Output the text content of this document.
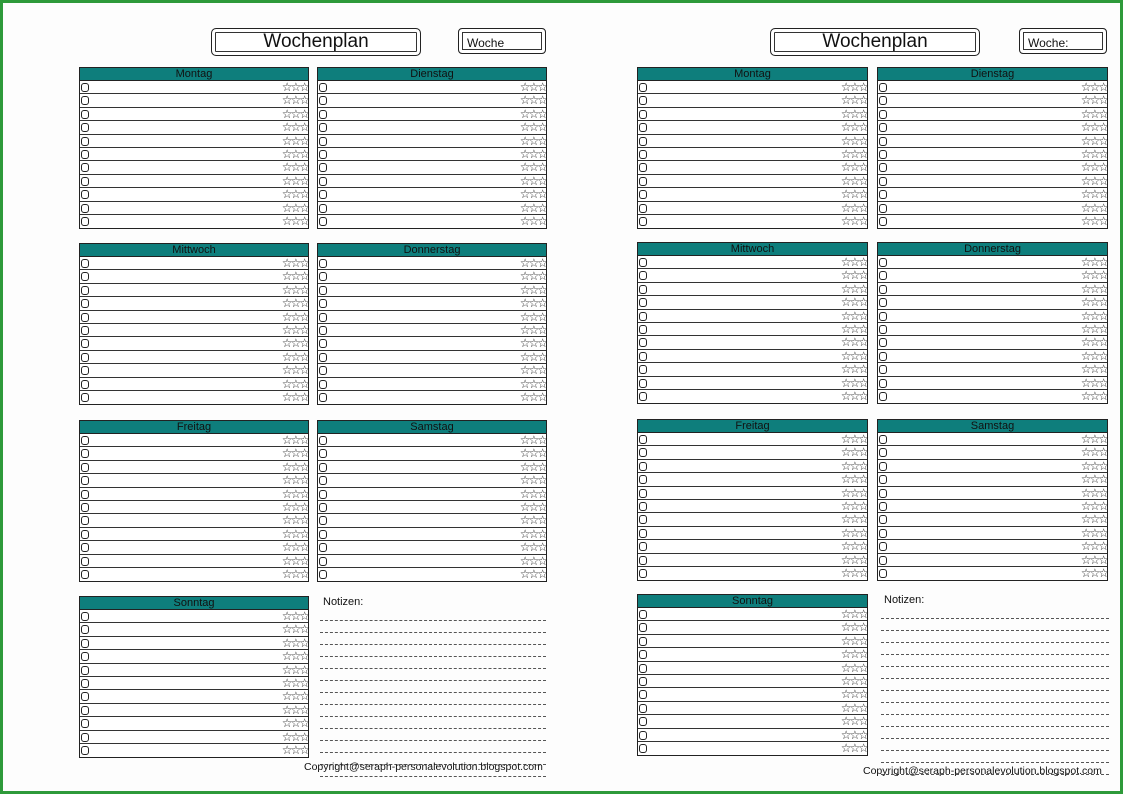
Wochenplan	Woche
Montag
☆☆☆
☆☆☆
☆☆☆
☆☆☆
☆☆☆
☆☆☆
☆☆☆
☆☆☆
☆☆☆
☆☆☆
☆☆☆
Dienstag
☆☆☆
☆☆☆
☆☆☆
☆☆☆
☆☆☆
☆☆☆
☆☆☆
☆☆☆
☆☆☆
☆☆☆
☆☆☆
Mittwoch
☆☆☆
☆☆☆
☆☆☆
☆☆☆
☆☆☆
☆☆☆
☆☆☆
☆☆☆
☆☆☆
☆☆☆
☆☆☆
Donnerstag
☆☆☆
☆☆☆
☆☆☆
☆☆☆
☆☆☆
☆☆☆
☆☆☆
☆☆☆
☆☆☆
☆☆☆
☆☆☆
Freitag
☆☆☆
☆☆☆
☆☆☆
☆☆☆
☆☆☆
☆☆☆
☆☆☆
☆☆☆
☆☆☆
☆☆☆
☆☆☆
Samstag
☆☆☆
☆☆☆
☆☆☆
☆☆☆
☆☆☆
☆☆☆
☆☆☆
☆☆☆
☆☆☆
☆☆☆
☆☆☆
Sonntag
☆☆☆
☆☆☆
☆☆☆
☆☆☆
☆☆☆
☆☆☆
☆☆☆
☆☆☆
☆☆☆
☆☆☆
☆☆☆
Notizen:
Copyright@seraph-personalevolution.blogspot.com
Wochenplan	Woche:
Montag
☆☆☆
☆☆☆
☆☆☆
☆☆☆
☆☆☆
☆☆☆
☆☆☆
☆☆☆
☆☆☆
☆☆☆
☆☆☆
Dienstag
☆☆☆
☆☆☆
☆☆☆
☆☆☆
☆☆☆
☆☆☆
☆☆☆
☆☆☆
☆☆☆
☆☆☆
☆☆☆
Mittwoch
☆☆☆
☆☆☆
☆☆☆
☆☆☆
☆☆☆
☆☆☆
☆☆☆
☆☆☆
☆☆☆
☆☆☆
☆☆☆
Donnerstag
☆☆☆
☆☆☆
☆☆☆
☆☆☆
☆☆☆
☆☆☆
☆☆☆
☆☆☆
☆☆☆
☆☆☆
☆☆☆
Freitag
☆☆☆
☆☆☆
☆☆☆
☆☆☆
☆☆☆
☆☆☆
☆☆☆
☆☆☆
☆☆☆
☆☆☆
☆☆☆
Samstag
☆☆☆
☆☆☆
☆☆☆
☆☆☆
☆☆☆
☆☆☆
☆☆☆
☆☆☆
☆☆☆
☆☆☆
☆☆☆
Sonntag
☆☆☆
☆☆☆
☆☆☆
☆☆☆
☆☆☆
☆☆☆
☆☆☆
☆☆☆
☆☆☆
☆☆☆
☆☆☆
Notizen:
Copyright@seraph-personalevolution.blogspot.com
